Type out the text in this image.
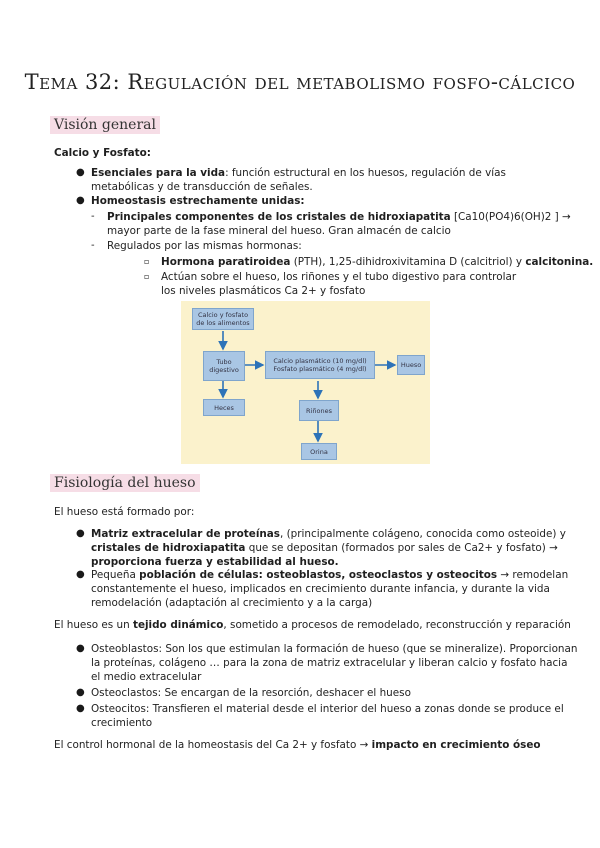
Tema 32: Regulación del metabolismo fosfo-cálcico
Visión general
Calcio y Fosfato:
● Esenciales para la vida: función estructural en los huesos, regulación de vías
metabólicas y de transducción de señales.
● Homeostasis estrechamente unidas:
- Principales componentes de los cristales de hidroxiapatita [Ca10(PO4)6(OH)2 ] →
mayor parte de la fase mineral del hueso. Gran almacén de calcio
- Regulados por las mismas hormonas:
▫ Hormona paratiroidea (PTH), 1,25-dihidroxivitamina D (calcitriol) y calcitonina.
▫ Actúan sobre el hueso, los riñones y el tubo digestivo para controlar
los niveles plasmáticos Ca 2+ y fosfato
Calcio y fosfato de los alimentos
Tubo digestivo
Calcio plasmático (10 mg/dl)
Fosfato plasmático (4 mg/dl)	Hueso
Heces	Riñones
Orina
Fisiología del hueso
El hueso está formado por:
● Matriz extracelular de proteínas, (principalmente colágeno, conocida como osteoide) y
cristales de hidroxiapatita que se depositan (formados por sales de Ca2+ y fosfato) →
proporciona fuerza y estabilidad al hueso.
● Pequeña población de células: osteoblastos, osteoclastos y osteocitos → remodelan
constantemente el hueso, implicados en crecimiento durante infancia, y durante la vida
remodelación (adaptación al crecimiento y a la carga)
El hueso es un tejido dinámico, sometido a procesos de remodelado, reconstrucción y reparación
● Osteoblastos: Son los que estimulan la formación de hueso (que se mineralize). Proporcionan
la proteínas, colágeno … para la zona de matriz extracelular y liberan calcio y fosfato hacia
el medio extracelular
● Osteoclastos: Se encargan de la resorción, deshacer el hueso
● Osteocitos: Transfieren el material desde el interior del hueso a zonas donde se produce el
crecimiento
El control hormonal de la homeostasis del Ca 2+ y fosfato → impacto en crecimiento óseo
